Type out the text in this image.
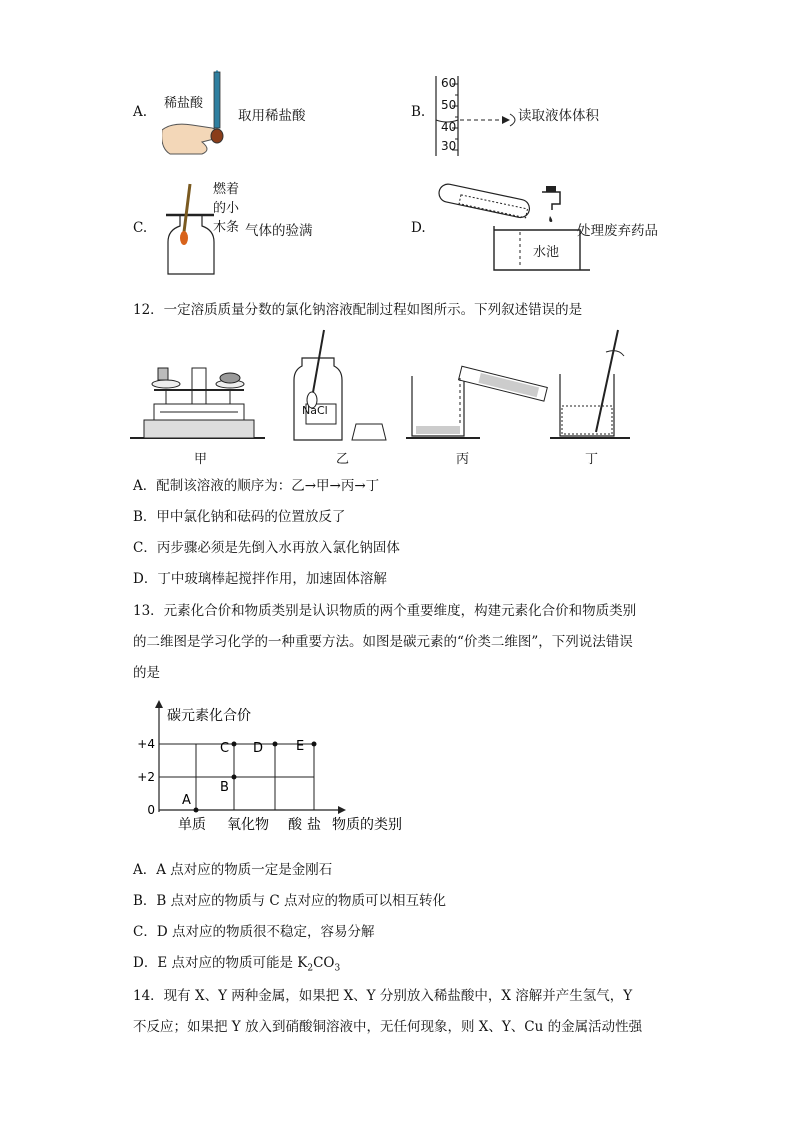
A.
稀盐酸
取用稀盐酸	B.
60
50
40
30
读取液体体积
C.
燃着
的小
木条 气体的验满	D.
水池
处理废弃药品
12．一定溶质质量分数的氯化钠溶液配制过程如图所示。下列叙述错误的是
NaCl
甲	乙	丙	丁
A．配制该溶液的顺序为：乙→甲→丙→丁
B．甲中氯化钠和砝码的位置放反了
C．丙步骤必须是先倒入水再放入氯化钠固体
D．丁中玻璃棒起搅拌作用，加速固体溶解
13．元素化合价和物质类别是认识物质的两个重要维度，构建元素化合价和物质类别
的二维图是学习化学的一种重要方法。如图是碳元素的“价类二维图”，下列说法错误
的是
碳元素化合价
物质的类别
+4
+2
0
单质 氧化物 酸 盐
A
B
C D	E
A．A 点对应的物质一定是金刚石
B．B 点对应的物质与 C 点对应的物质可以相互转化
C．D 点对应的物质很不稳定，容易分解
D．E 点对应的物质可能是 $K_2CO_3$
14．现有 X、Y 两种金属，如果把 X、Y 分别放入稀盐酸中，X 溶解并产生氢气，Y
不反应；如果把 Y 放入到硝酸铜溶液中，无任何现象，则 X、Y、Cu 的金属活动性强
